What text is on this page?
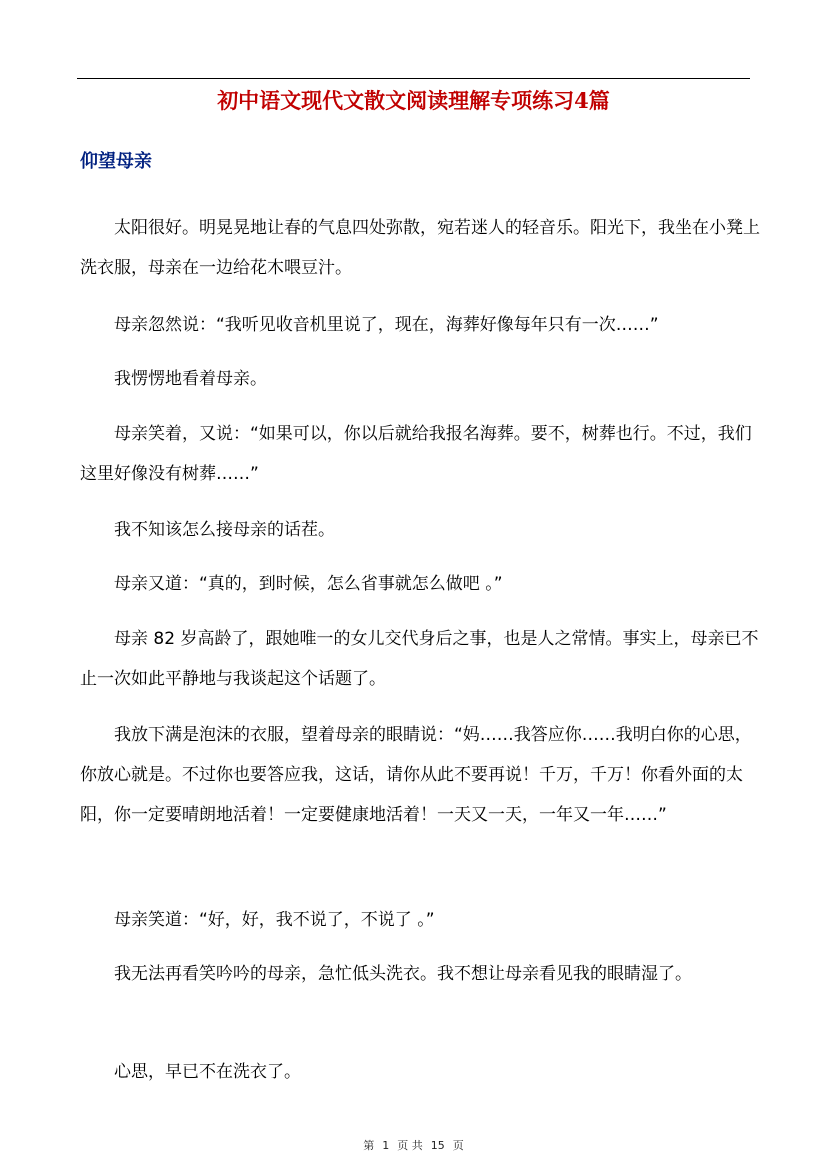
初中语文现代文散文阅读理解专项练习4篇
仰望母亲

太阳很好。明晃晃地让春的气息四处弥散，宛若迷人的轻音乐。阳光下，我坐在小凳上洗衣服，母亲在一边给花木喂豆汁。

母亲忽然说：“我听见收音机里说了，现在，海葬好像每年只有一次……”

我愣愣地看着母亲。

母亲笑着，又说：“如果可以，你以后就给我报名海葬。要不，树葬也行。不过，我们这里好像没有树葬……”

我不知该怎么接母亲的话茬。

母亲又道：“真的，到时候，怎么省事就怎么做吧 。”

母亲 82 岁高龄了，跟她唯一的女儿交代身后之事，也是人之常情。事实上，母亲已不止一次如此平静地与我谈起这个话题了。

我放下满是泡沫的衣服，望着母亲的眼睛说：“妈……我答应你……我明白你的心思，你放心就是。不过你也要答应我，这话，请你从此不要再说！千万，千万！你看外面的太阳，你一定要晴朗地活着！一定要健康地活着！一天又一天，一年又一年……”

母亲笑道：“好，好，我不说了，不说了 。”

我无法再看笑吟吟的母亲，急忙低头洗衣。我不想让母亲看见我的眼睛湿了。

心思，早已不在洗衣了。

第 1 页 共 15 页
